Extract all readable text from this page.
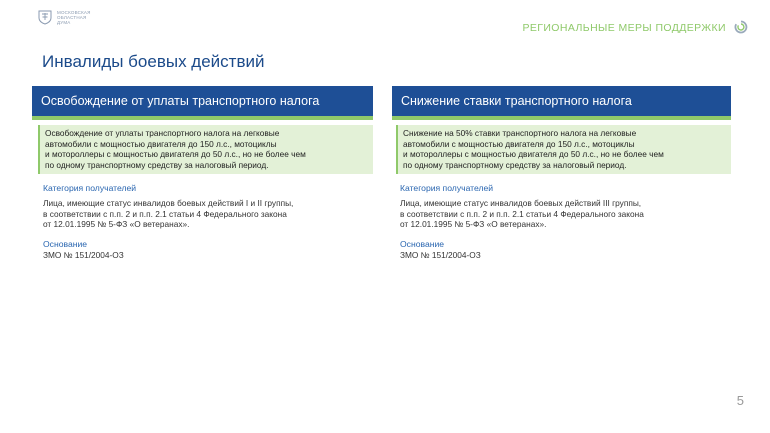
МОСКОВСКАЯ
ОБЛАСТНАЯ
ДУМА	РЕГИОНАЛЬНЫЕ МЕРЫ ПОДДЕРЖКИ
Инвалиды боевых действий
Освобождение от уплаты транспортного налога
Освобождение от уплаты транспортного налога на легковые
автомобили с мощностью двигателя до 150 л.с., мотоциклы
и мотороллеры с мощностью двигателя до 50 л.с., но не более чем
по одному транспортному средству за налоговый период.
Категория получателей
Лица, имеющие статус инвалидов боевых действий I и II группы,
в соответствии с п.п. 2 и п.п. 2.1 статьи 4 Федерального закона
от 12.01.1995 № 5-ФЗ «О ветеранах».
Основание
ЗМО № 151/2004-ОЗ
Снижение ставки транспортного налога
Снижение на 50% ставки транспортного налога на легковые
автомобили с мощностью двигателя до 150 л.с., мотоциклы
и мотороллеры с мощностью двигателя до 50 л.с., но не более чем
по одному транспортному средству за налоговый период.
Категория получателей
Лица, имеющие статус инвалидов боевых действий III группы,
в соответствии с п.п. 2 и п.п. 2.1 статьи 4 Федерального закона
от 12.01.1995 № 5-ФЗ «О ветеранах».
Основание
ЗМО № 151/2004-ОЗ
5
